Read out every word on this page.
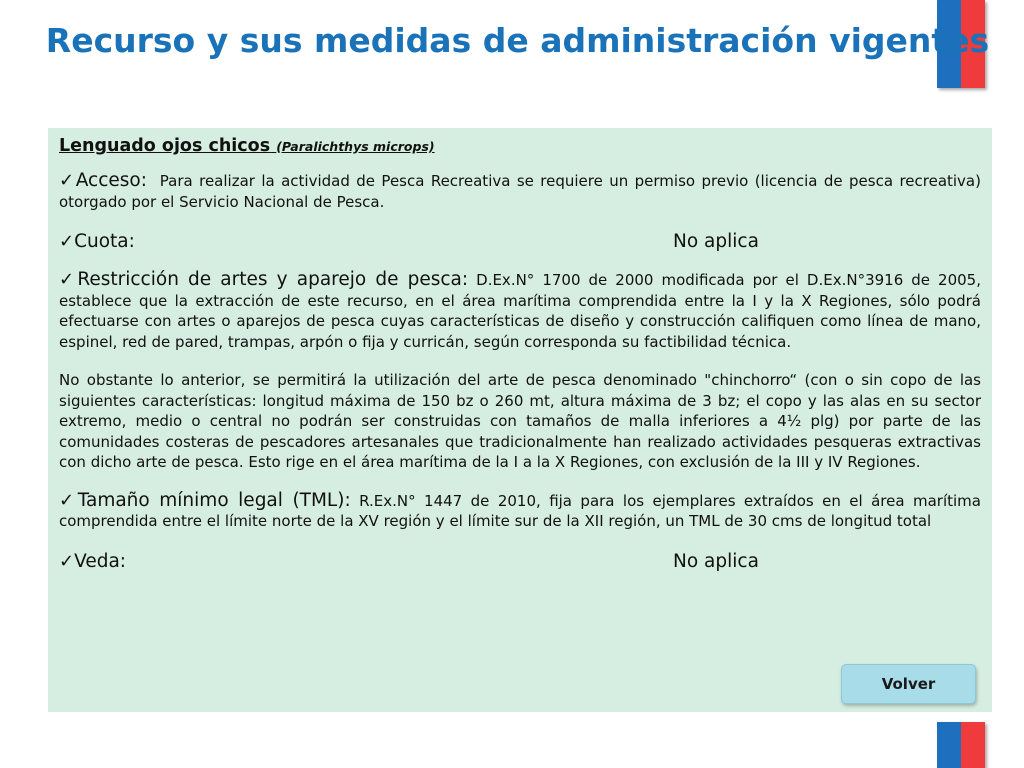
Recurso y sus medidas de administración vigentes

Lenguado ojos chicos (Paralichthys microps)

✓Acceso: Para realizar la actividad de Pesca Recreativa se requiere un permiso previo (licencia de pesca recreativa) otorgado por el Servicio Nacional de Pesca.

✓Cuota:	No aplica

✓Restricción de artes y aparejo de pesca: D.Ex.N° 1700 de 2000 modificada por el D.Ex.N°3916 de 2005, establece que la extracción de este recurso, en el área marítima comprendida entre la I y la X Regiones, sólo podrá efectuarse con artes o aparejos de pesca cuyas características de diseño y construcción califiquen como línea de mano, espinel, red de pared, trampas, arpón o fija y curricán, según corresponda su factibilidad técnica.

No obstante lo anterior, se permitirá la utilización del arte de pesca denominado "chinchorro“ (con o sin copo de las siguientes características: longitud máxima de 150 bz o 260 mt, altura máxima de 3 bz; el copo y las alas en su sector extremo, medio o central no podrán ser construidas con tamaños de malla inferiores a 4½ plg) por parte de las comunidades costeras de pescadores artesanales que tradicionalmente han realizado actividades pesqueras extractivas con dicho arte de pesca. Esto rige en el área marítima de la I a la X Regiones, con exclusión de la III y IV Regiones.

✓Tamaño mínimo legal (TML): R.Ex.N° 1447 de 2010, fija para los ejemplares extraídos en el área marítima comprendida entre el límite norte de la XV región y el límite sur de la XII región, un TML de 30 cms de longitud total

✓Veda:	No aplica
Volver
